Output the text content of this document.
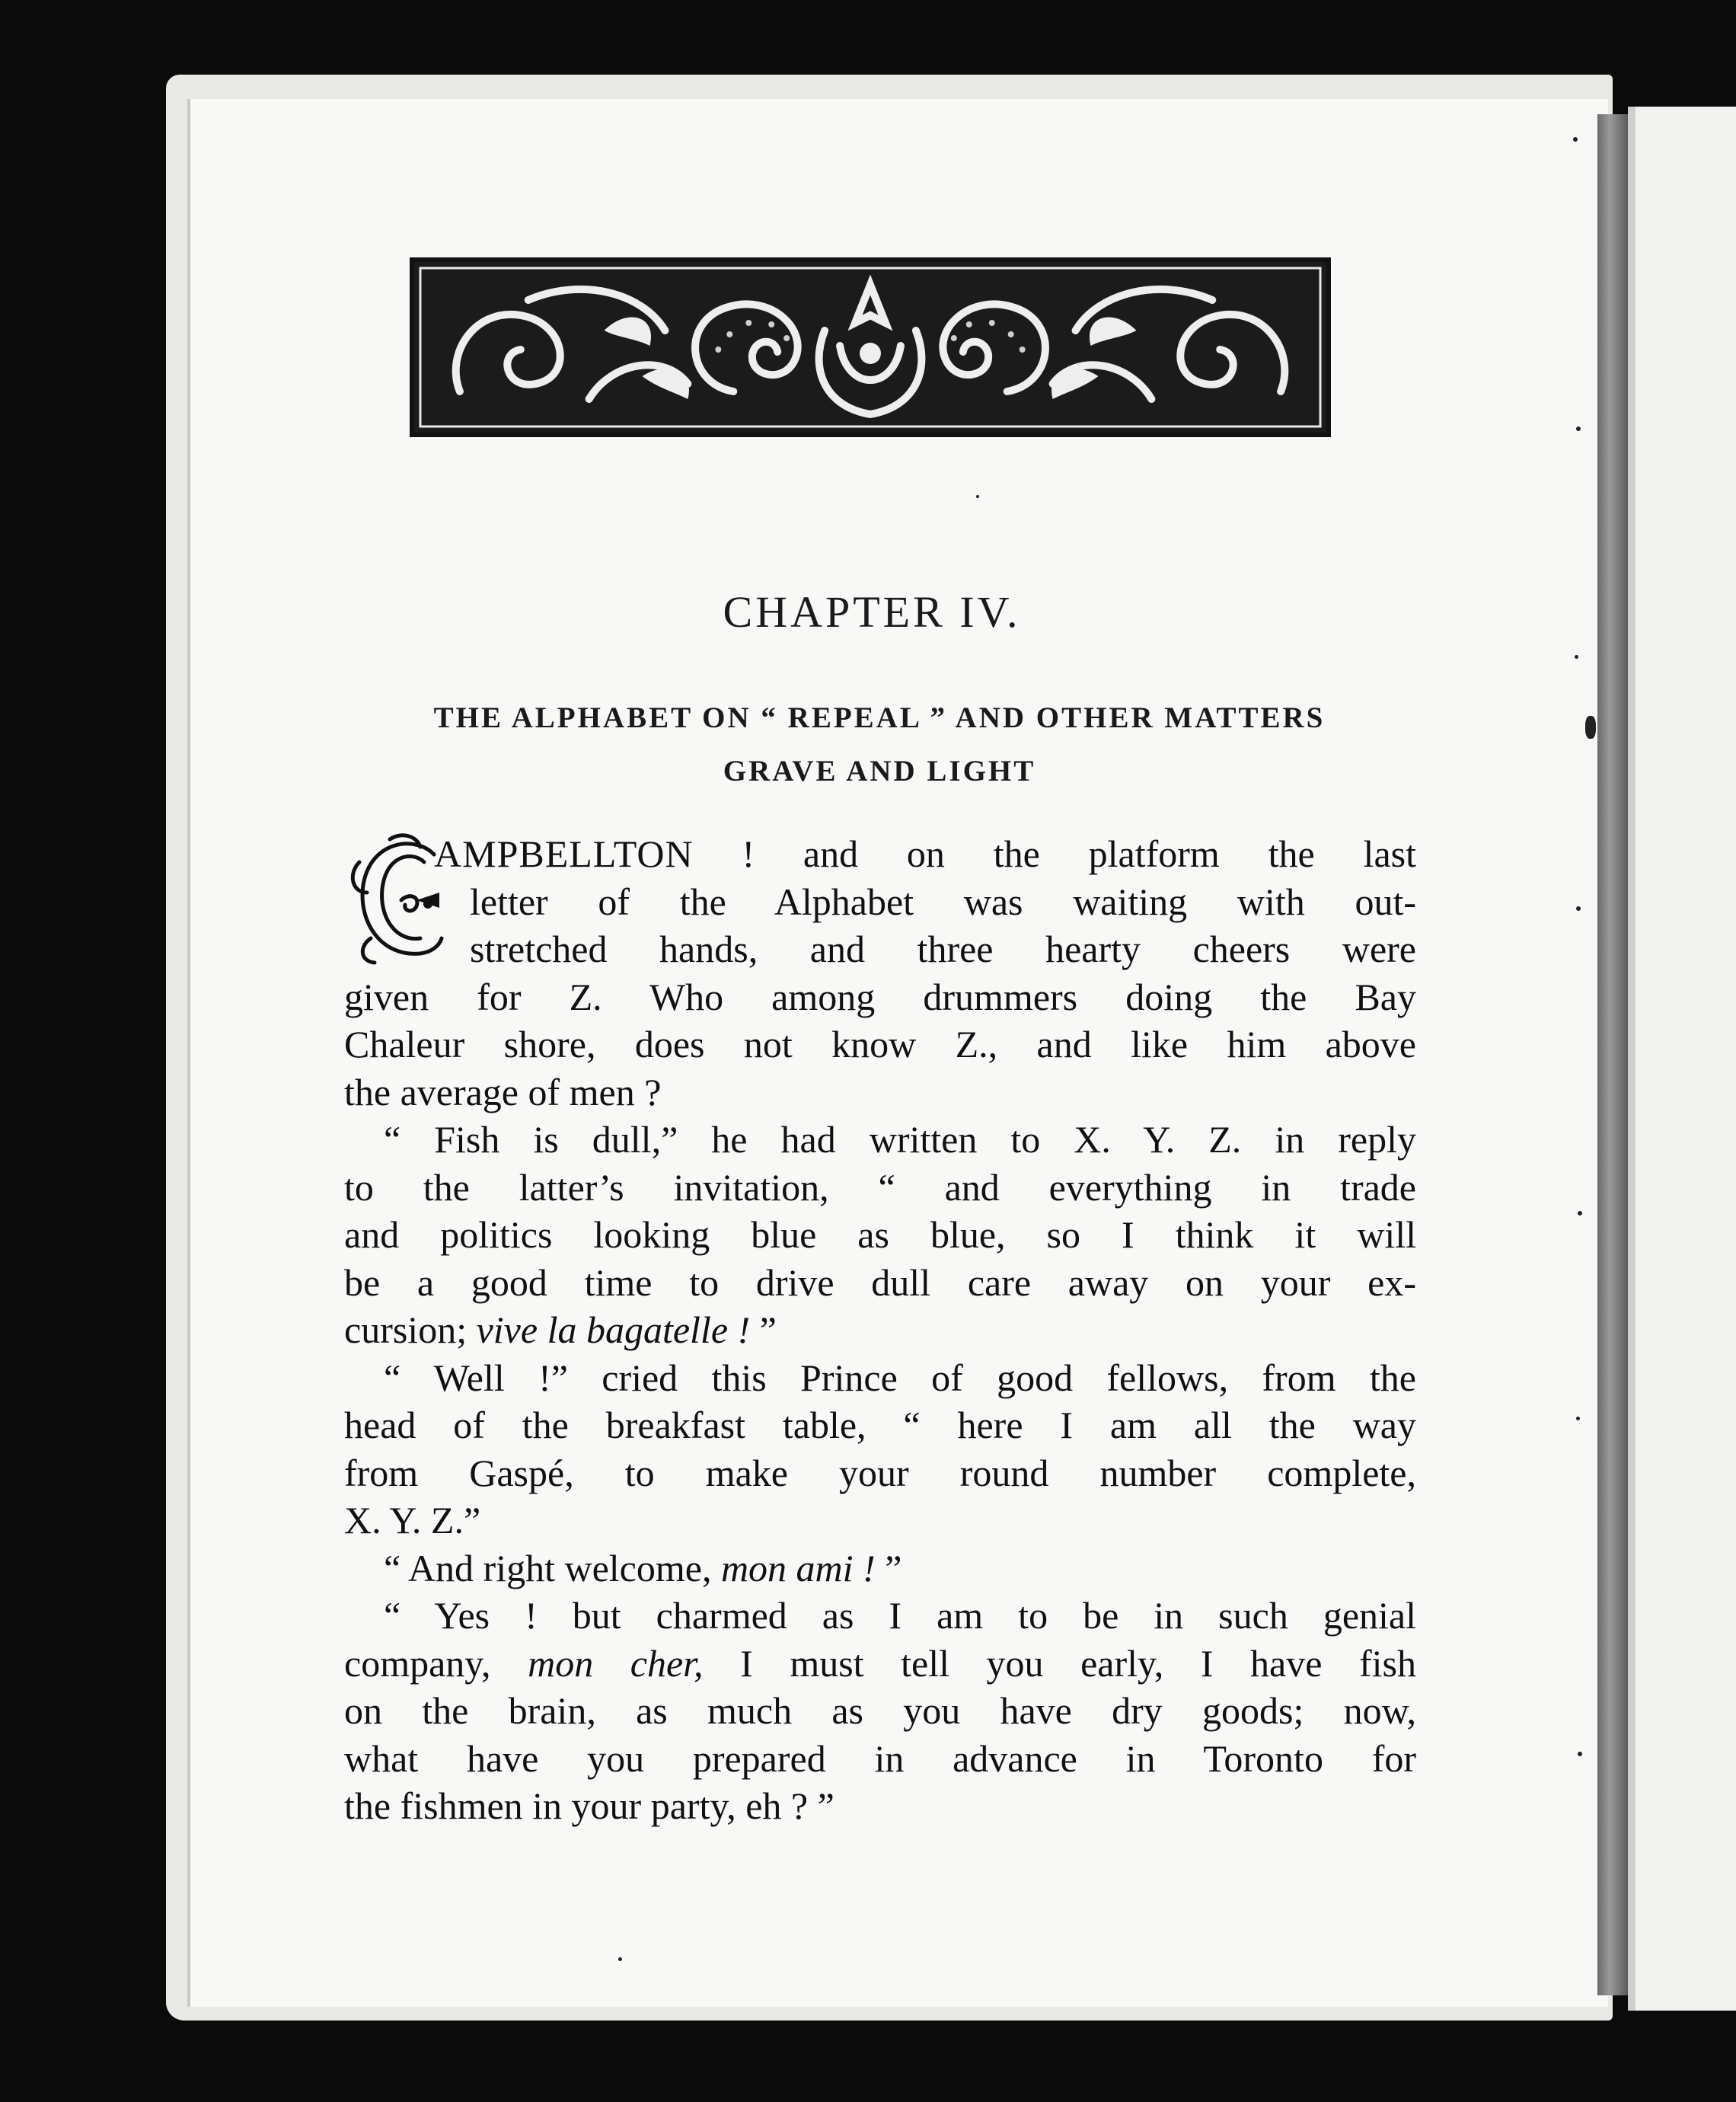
CHAPTER IV.
THE ALPHABET ON “ REPEAL ” AND OTHER MATTERS
GRAVE AND LIGHT
AMPBELLTON ! and on the platform the last
letter of the Alphabet was waiting with out-
stretched hands, and three hearty cheers were
given for Z. Who among drummers doing the Bay
Chaleur shore, does not know Z., and like him above
the average of men ?
“ Fish is dull,” he had written to X. Y. Z. in reply
to the latter’s invitation, “ and everything in trade
and politics looking blue as blue, so I think it will
be a good time to drive dull care away on your ex-
cursion; vive la bagatelle ! ”
“ Well !” cried this Prince of good fellows, from the
head of the breakfast table, “ here I am all the way
from Gaspé, to make your round number complete,
X. Y. Z.”
“ And right welcome, mon ami ! ”
“ Yes ! but charmed as I am to be in such genial
company, mon cher, I must tell you early, I have fish
on the brain, as much as you have dry goods; now,
what have you prepared in advance in Toronto for
the fishmen in your party, eh ? ”
